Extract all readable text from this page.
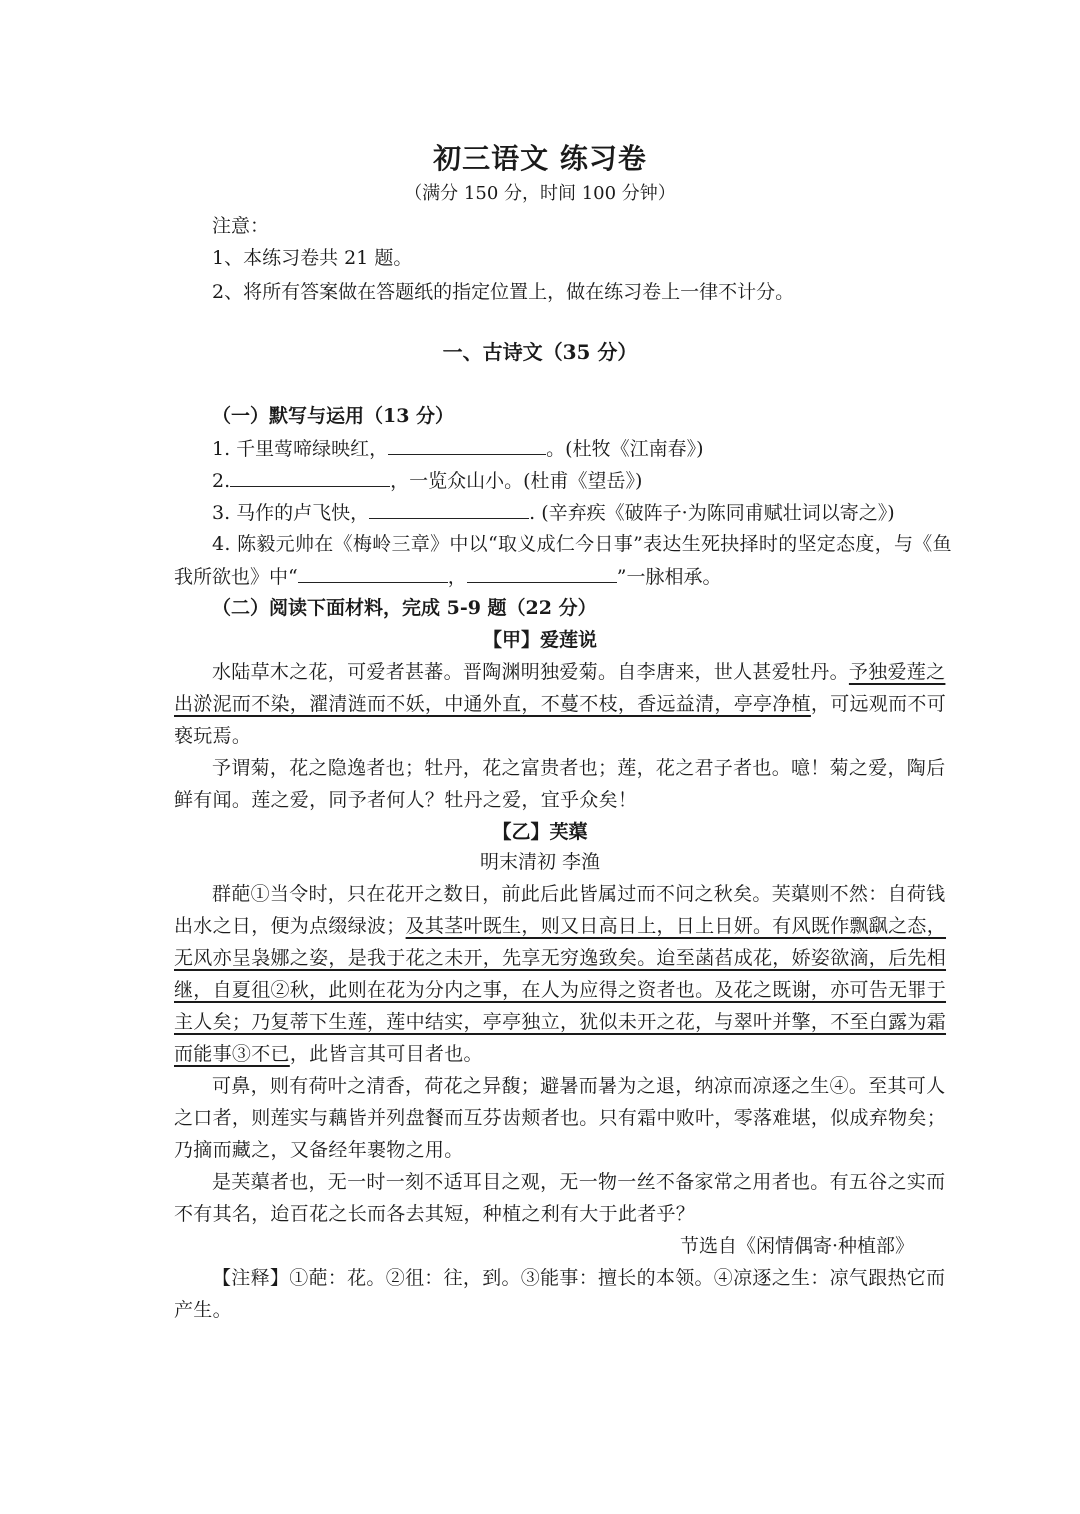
初三语文 练习卷
（满分 150 分，时间 100 分钟）
注意：
1、本练习卷共 21 题。
2、将所有答案做在答题纸的指定位置上，做在练习卷上一律不计分。
一、古诗文（35 分）
（一）默写与运用（13 分）
1. 千里莺啼绿映红，	。(杜牧《江南春》)
2.	，一览众山小。(杜甫《望岳》)
3. 马作的卢飞快，	. (辛弃疾《破阵子·为陈同甫赋壮词以寄之》)
4. 陈毅元帅在《梅岭三章》中以“取义成仁今日事”表达生死抉择时的坚定态度，与《鱼
我所欲也》中“	，	”一脉相承。
（二）阅读下面材料，完成 5-9 题（22 分）
【甲】爱莲说
水陆草木之花，可爱者甚蕃。晋陶渊明独爱菊。自李唐来，世人甚爱牡丹。予独爱莲之
出淤泥而不染，濯清涟而不妖，中通外直，不蔓不枝，香远益清，亭亭净植，可远观而不可
亵玩焉。
予谓菊，花之隐逸者也；牡丹，花之富贵者也；莲，花之君子者也。噫！菊之爱，陶后
鲜有闻。莲之爱，同予者何人？牡丹之爱，宜乎众矣！
【乙】芙蕖
明末清初 李渔
群葩①当令时，只在花开之数日，前此后此皆属过而不问之秋矣。芙蕖则不然：自荷钱
出水之日，便为点缀绿波；及其茎叶既生，则又日高日上，日上日妍。有风既作飘飖之态，
无风亦呈袅娜之姿，是我于花之未开，先享无穷逸致矣。迨至菡萏成花，娇姿欲滴，后先相
继，自夏徂②秋，此则在花为分内之事，在人为应得之资者也。及花之既谢，亦可告无罪于
主人矣；乃复蒂下生莲，莲中结实，亭亭独立，犹似未开之花，与翠叶并擎，不至白露为霜
而能事③不已，此皆言其可目者也。
可鼻，则有荷叶之清香，荷花之异馥；避暑而暑为之退，纳凉而凉逐之生④。至其可人
之口者，则莲实与藕皆并列盘餐而互芬齿颊者也。只有霜中败叶，零落难堪，似成弃物矣；
乃摘而藏之，又备经年裹物之用。
是芙蕖者也，无一时一刻不适耳目之观，无一物一丝不备家常之用者也。有五谷之实而
不有其名，迨百花之长而各去其短，种植之利有大于此者乎？
节选自《闲情偶寄·种植部》
【注释】①葩：花。②徂：往，到。③能事：擅长的本领。④凉逐之生：凉气跟热它而
产生。
